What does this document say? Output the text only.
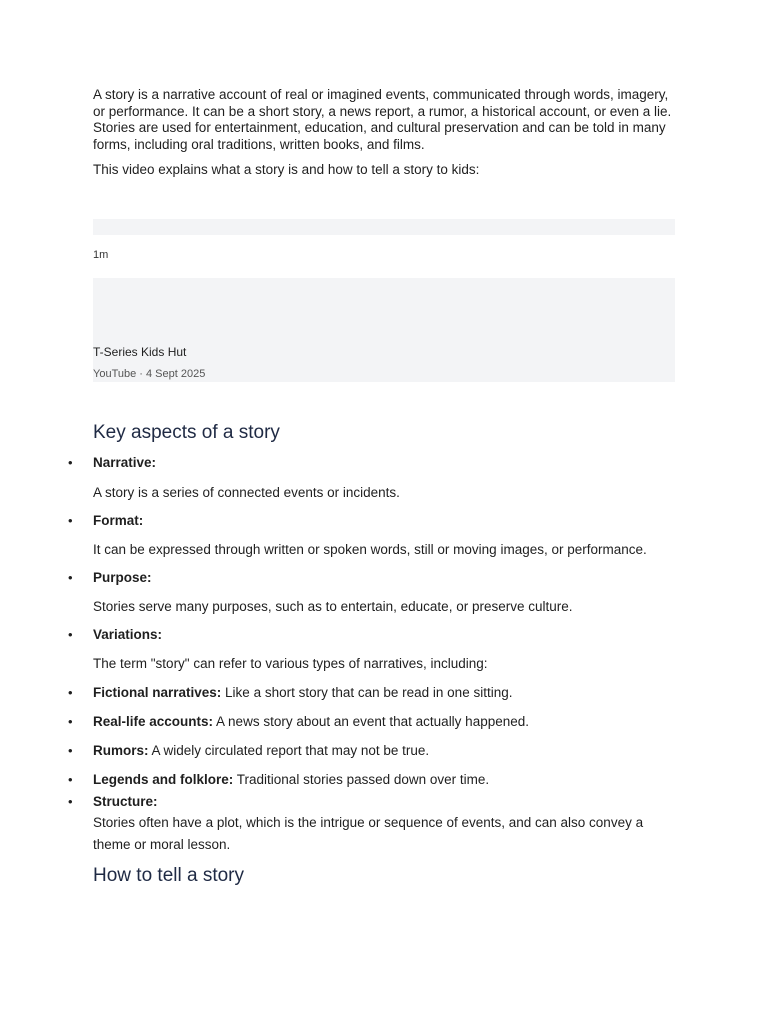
A story is a narrative account of real or imagined events, communicated through words, imagery, or performance. It can be a short story, a news report, a rumor, a historical account, or even a lie. Stories are used for entertainment, education, and cultural preservation and can be told in many forms, including oral traditions, written books, and films.

This video explains what a story is and how to tell a story to kids:

1m
T-Series Kids Hut
YouTube · 4 Sept 2025
Key aspects of a story
• Narrative:
A story is a series of connected events or incidents.
• Format:
It can be expressed through written or spoken words, still or moving images, or performance.
• Purpose:
Stories serve many purposes, such as to entertain, educate, or preserve culture.
• Variations:
The term "story" can refer to various types of narratives, including:
• Fictional narratives: Like a short story that can be read in one sitting.
• Real-life accounts: A news story about an event that actually happened.
• Rumors: A widely circulated report that may not be true.
• Legends and folklore: Traditional stories passed down over time.
• Structure:
Stories often have a plot, which is the intrigue or sequence of events, and can also convey a theme or moral lesson.
How to tell a story
